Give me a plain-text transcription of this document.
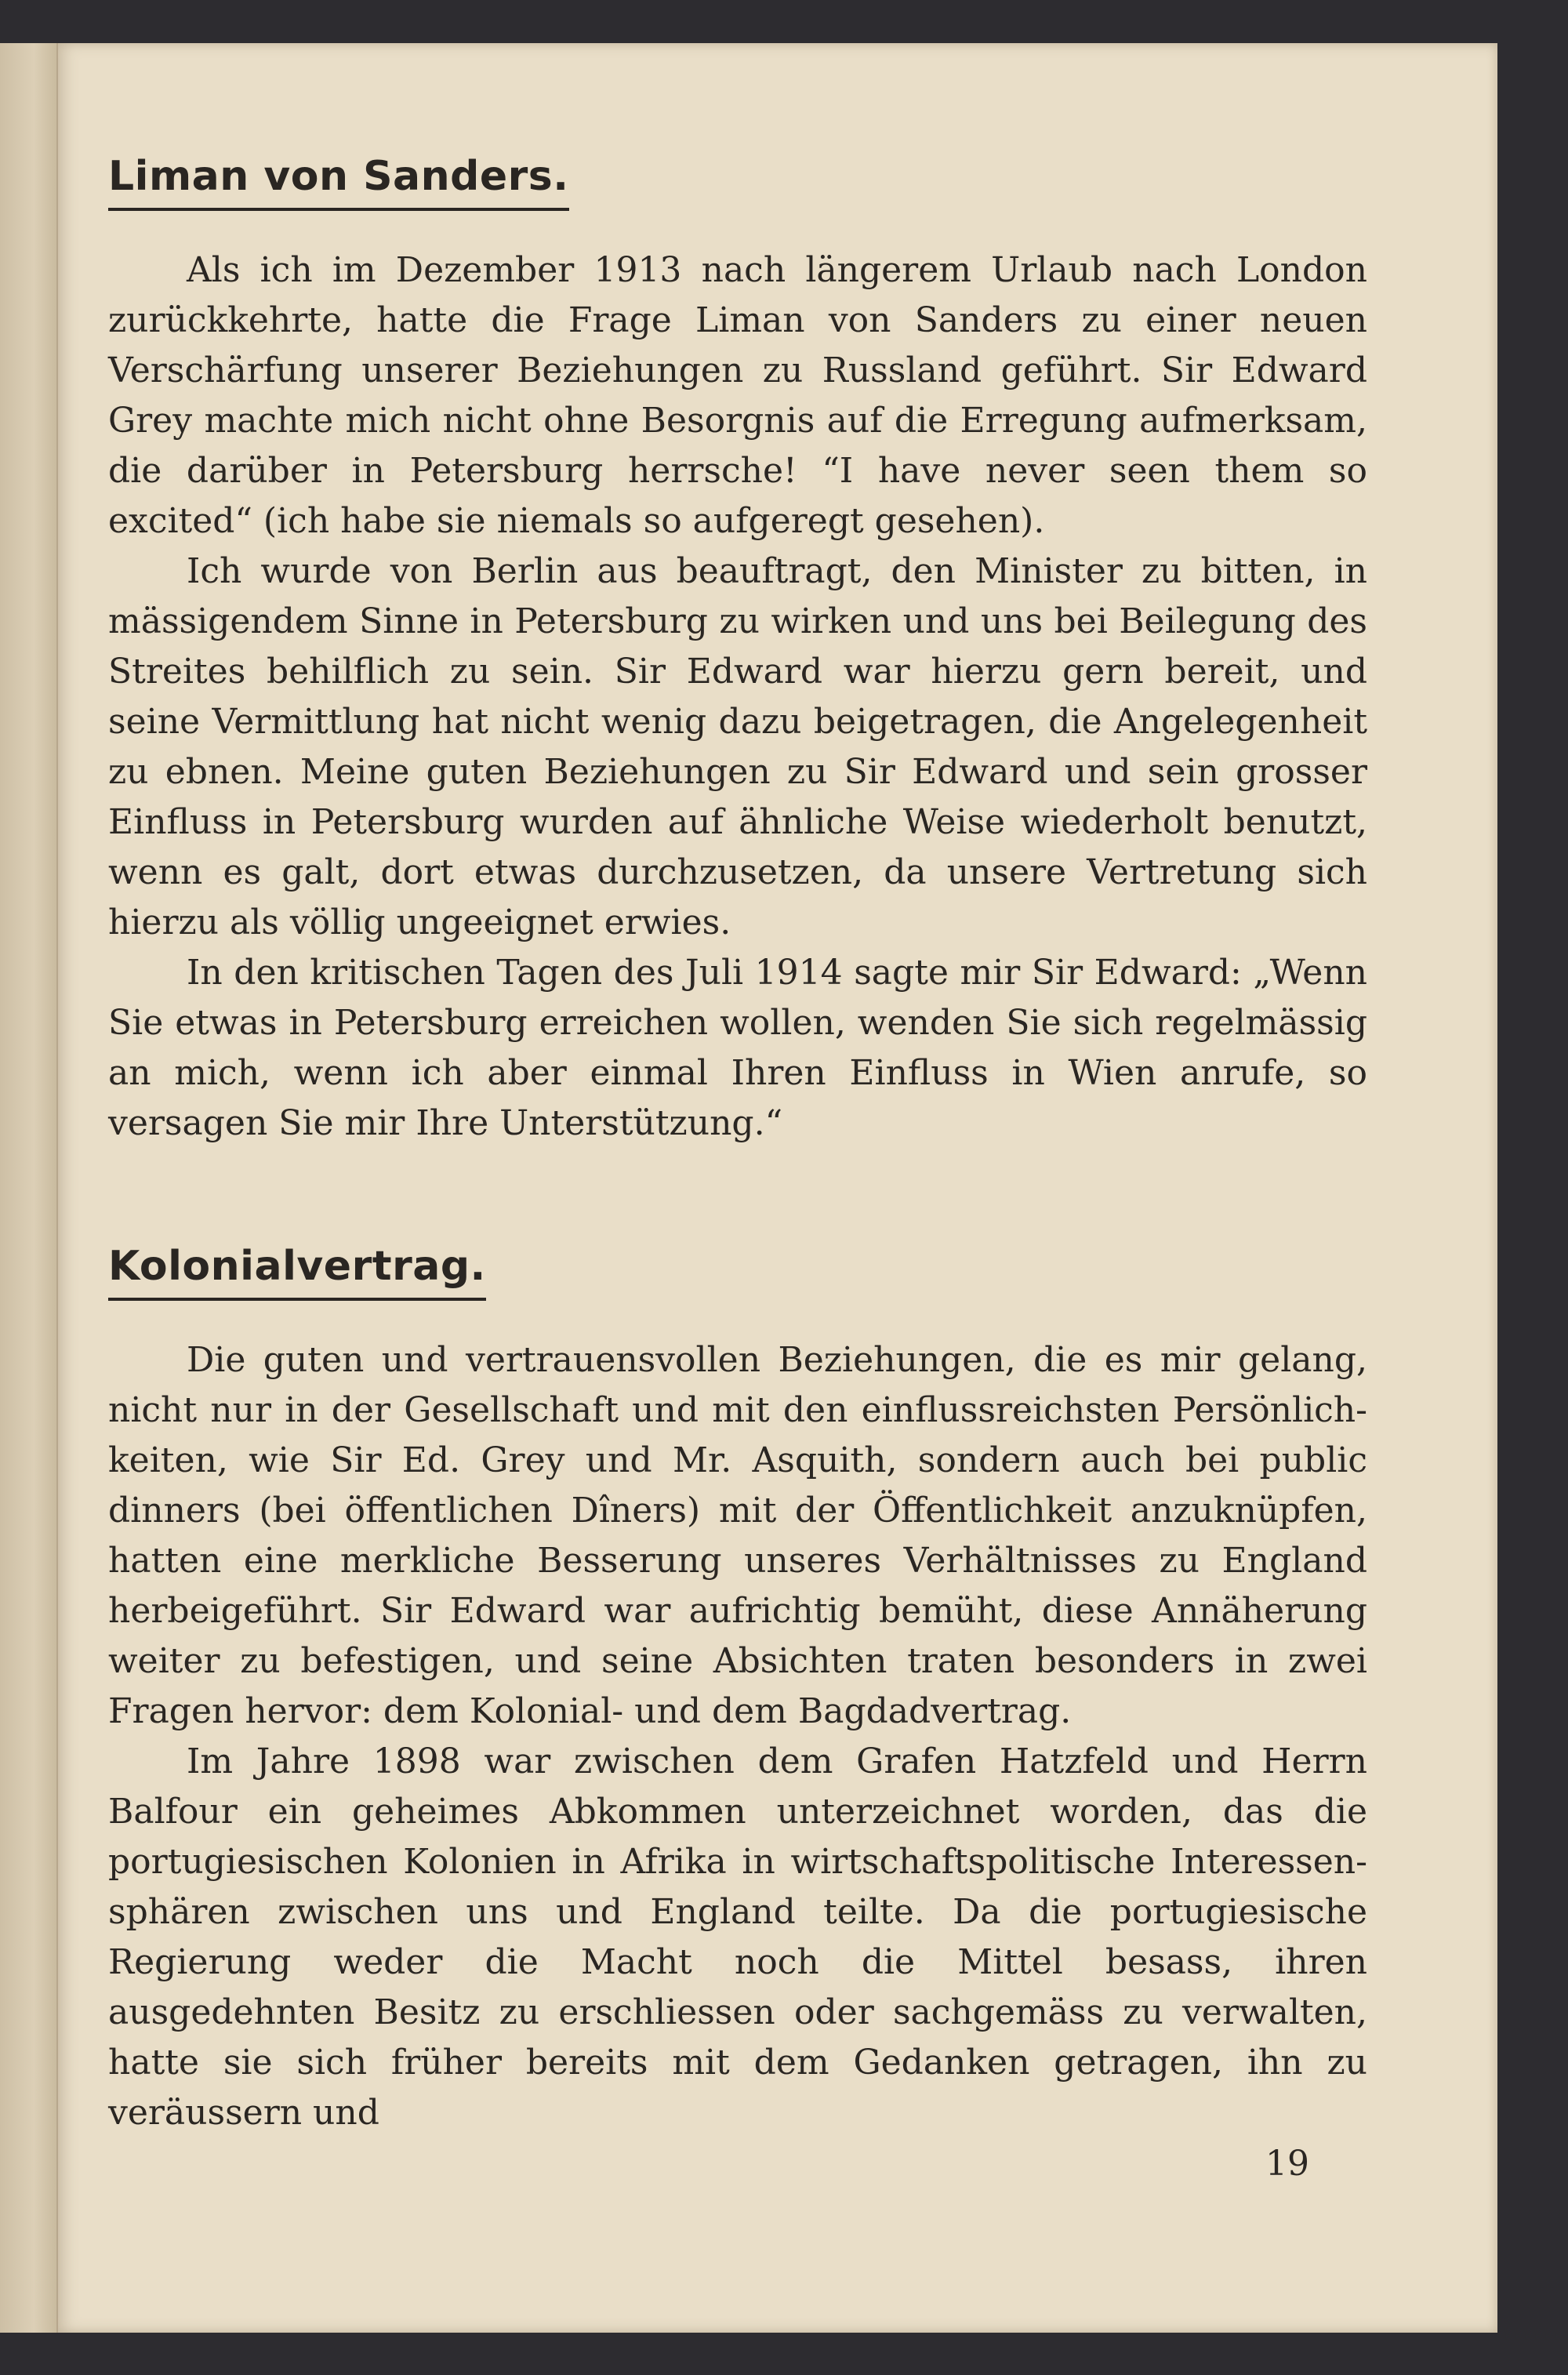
Liman von Sanders.

Als ich im Dezember 1913 nach längerem Urlaub nach London zurückkehrte, hatte die Frage Liman von Sanders zu einer neuen Verschärfung unserer Beziehungen zu Russland geführt. Sir Edward Grey machte mich nicht ohne Besorgnis auf die Erregung aufmerksam, die darüber in Petersburg herrsche! “I have never seen them so excited“ (ich habe sie niemals so aufgeregt gesehen).

Ich wurde von Berlin aus beauftragt, den Minister zu bitten, in mässigendem Sinne in Petersburg zu wirken und uns bei Beilegung des Streites behilflich zu sein. Sir Edward war hierzu gern bereit, und seine Vermittlung hat nicht wenig dazu beigetragen, die Angelegenheit zu ebnen. Meine guten Beziehungen zu Sir Edward und sein grosser Einfluss in Petersburg wurden auf ähnliche Weise wiederholt benutzt, wenn es galt, dort etwas durchzusetzen, da unsere Vertretung sich hierzu als völlig ungeeignet erwies.

In den kritischen Tagen des Juli 1914 sagte mir Sir Edward: „Wenn Sie etwas in Petersburg erreichen wollen, wenden Sie sich regelmässig an mich, wenn ich aber einmal Ihren Einfluss in Wien anrufe, so versagen Sie mir Ihre Unterstützung.“

Kolonialvertrag.

Die guten und vertrauensvollen Beziehungen, die es mir gelang, nicht nur in der Gesellschaft und mit den einflussreichsten Persönlichkeiten, wie Sir Ed. Grey und Mr. Asquith, sondern auch bei public dinners (bei öffentlichen Dîners) mit der Öffentlichkeit anzuknüpfen, hatten eine merkliche Besserung unseres Verhältnisses zu England herbeigeführt. Sir Edward war aufrichtig bemüht, diese Annäherung weiter zu befestigen, und seine Absichten traten besonders in zwei Fragen hervor: dem Kolonial- und dem Bagdadvertrag.

Im Jahre 1898 war zwischen dem Grafen Hatzfeld und Herrn Balfour ein geheimes Abkommen unterzeichnet worden, das die portugiesischen Kolonien in Afrika in wirtschaftspolitische Interessensphären zwischen uns und England teilte. Da die portugiesische Regierung weder die Macht noch die Mittel besass, ihren ausgedehnten Besitz zu erschliessen oder sachgemäss zu verwalten, hatte sie sich früher bereits mit dem Gedanken getragen, ihn zu veräussern und

19
